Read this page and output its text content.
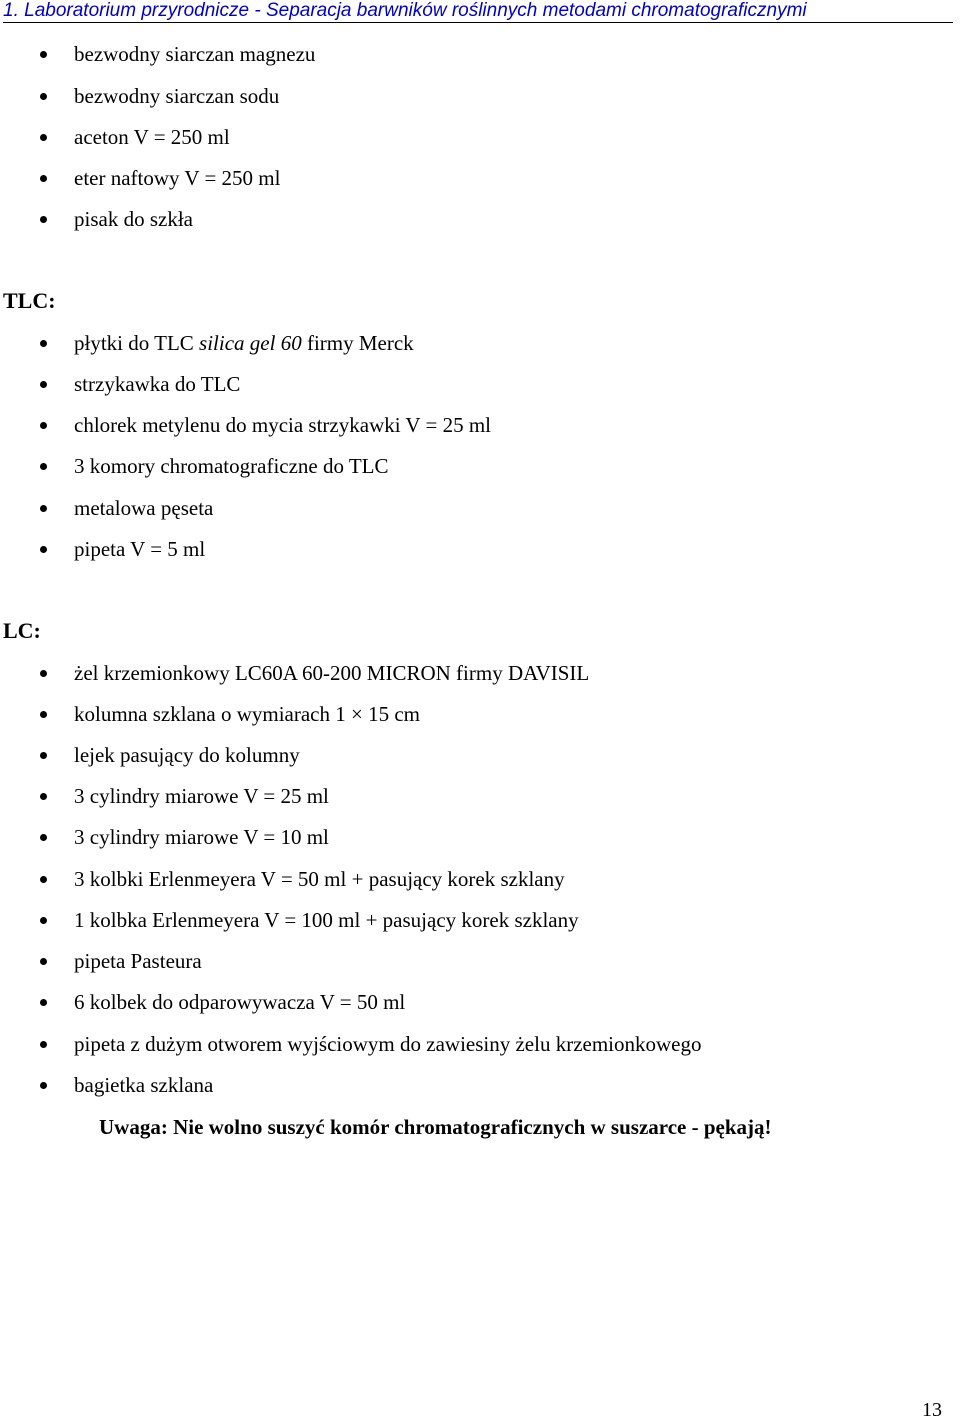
1. Laboratorium przyrodnicze - Separacja barwników roślinnych metodami chromatograficznymi
bezwodny siarczan magnezu
bezwodny siarczan sodu
aceton V = 250 ml
eter naftowy V = 250 ml
pisak do szkła
TLC:
płytki do TLC silica gel 60 firmy Merck
strzykawka do TLC
chlorek metylenu do mycia strzykawki V = 25 ml
3 komory chromatograficzne do TLC
metalowa pęseta
pipeta V = 5 ml
LC:
żel krzemionkowy LC60A 60-200 MICRON firmy DAVISIL
kolumna szklana o wymiarach 1 × 15 cm
lejek pasujący do kolumny
3 cylindry miarowe V = 25 ml
3 cylindry miarowe V = 10 ml
3 kolbki Erlenmeyera V = 50 ml + pasujący korek szklany
1 kolbka Erlenmeyera V = 100 ml + pasujący korek szklany
pipeta Pasteura
6 kolbek do odparowywacza V = 50 ml
pipeta z dużym otworem wyjściowym do zawiesiny żelu krzemionkowego
bagietka szklana
Uwaga: Nie wolno suszyć komór chromatograficznych w suszarce - pękają!
13
